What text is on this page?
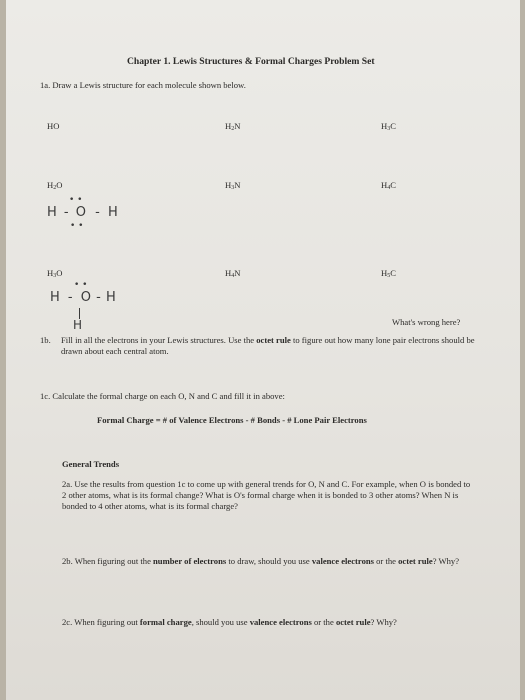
Chapter 1. Lewis Structures & Formal Charges Problem Set
1a. Draw a Lewis structure for each molecule shown below.
HO	$H_2N$	$H_3C$
$H_2O$	$H_3N$	$H_4C$
• •
H - O - H
• •
$H_3O$	$H_4N$	$H_5C$
• •
H - O - H
H	What's wrong here?
1b. Fill in all the electrons in your Lewis structures. Use the octet rule to figure out how many lone pair electrons should be drawn about each central atom.
1c. Calculate the formal charge on each O, N and C and fill it in above:
Formal Charge = # of Valence Electrons - # Bonds - # Lone Pair Electrons
General Trends
2a. Use the results from question 1c to come up with general trends for O, N and C. For example, when O is bonded to 2 other atoms, what is its formal change? What is O's formal charge when it is bonded to 3 other atoms? When N is bonded to 4 other atoms, what is its formal charge?
2b. When figuring out the number of electrons to draw, should you use valence electrons or the octet rule? Why?
2c. When figuring out formal charge, should you use valence electrons or the octet rule? Why?
